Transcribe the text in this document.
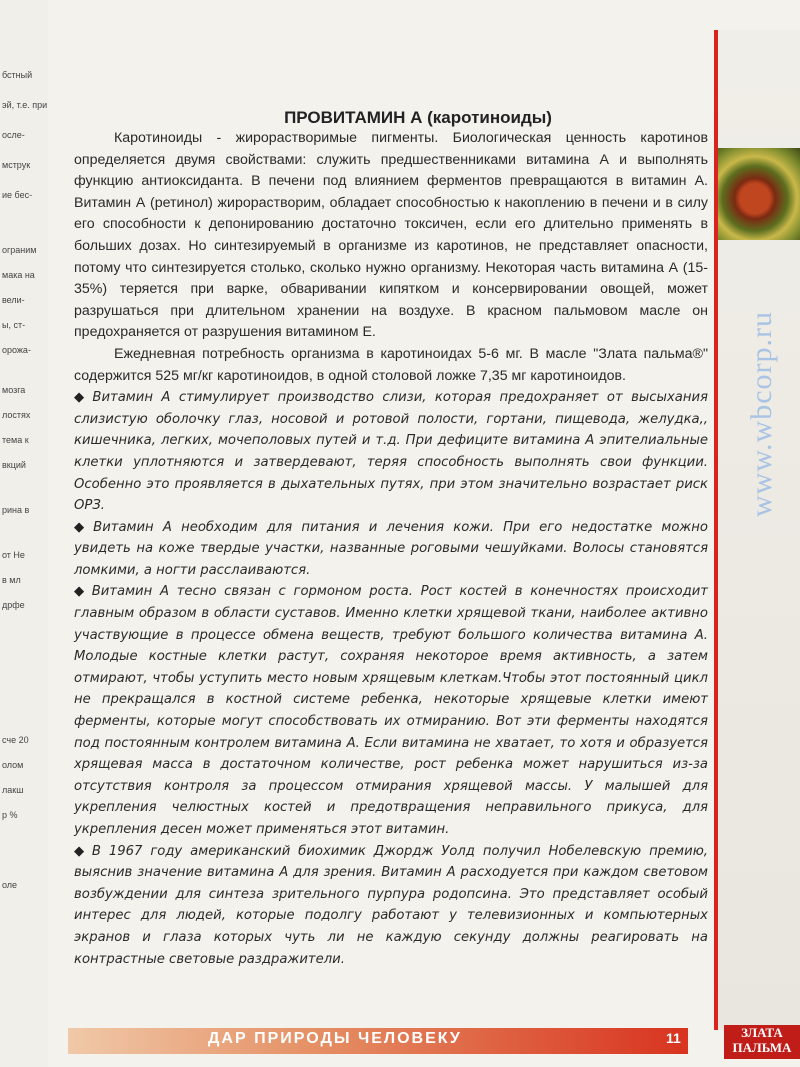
бстный
эй, т.е. при
осле-
мструк
ие бес-
ограним
мака на
вели-
ы, ст-
орожа-
мозга
лостях
тема к
вкций
рина в
от Не
в мл
дрфе
сче 20
олом
лакш
р %
оле
www.wbcorp.ru
ПРОВИТАМИН А (каротиноиды)

Каротиноиды - жирорастворимые пигменты. Биологическая ценность каротинов определяется двумя свойствами: служить предшественниками витамина А и выполнять функцию антиоксиданта. В печени под влиянием ферментов превращаются в витамин А. Витамин А (ретинол) жирорастворим, обладает способностью к накоплению в печени и в силу его способности к депонированию достаточно токсичен, если его длительно применять в больших дозах. Но синтезируемый в организме из каротинов, не представляет опасности, потому что синтезируется столько, сколько нужно организму. Некоторая часть витамина А (15-35%) теряется при варке, обваривании кипятком и консервировании овощей, может разрушаться при длительном хранении на воздухе. В красном пальмовом масле он предохраняется от разрушения витамином Е.

Ежедневная потребность организма в каротиноидах 5-6 мг. В масле "Злата пальма®" содержится 525 мг/кг каротиноидов, в одной столовой ложке 7,35 мг каротиноидов.

◆ Витамин А стимулирует производство слизи, которая предохраняет от высыхания слизистую оболочку глаз, носовой и ротовой полости, гортани, пищевода, желудка,, кишечника, легких, мочеполовых путей и т.д. При дефиците витамина А эпителиальные клетки уплотняются и затвердевают, теряя способность выполнять свои функции. Особенно это проявляется в дыхательных путях, при этом значительно возрастает риск ОРЗ.

◆ Витамин А необходим для питания и лечения кожи. При его недостатке можно увидеть на коже твердые участки, названные роговыми чешуйками. Волосы становятся ломкими, а ногти расслаиваются.

◆ Витамин А тесно связан с гормоном роста. Рост костей в конечностях происходит главным образом в области суставов. Именно клетки хрящевой ткани, наиболее активно участвующие в процессе обмена веществ, требуют большого количества витамина А. Молодые костные клетки растут, сохраняя некоторое время активность, а затем отмирают, чтобы уступить место новым хрящевым клеткам.Чтобы этот постоянный цикл не прекращался в костной системе ребенка, некоторые хрящевые клетки имеют ферменты, которые могут способствовать их отмиранию. Вот эти ферменты находятся под постоянным контролем витамина А. Если витамина не хватает, то хотя и образуется хрящевая масса в достаточном количестве, рост ребенка может нарушиться из-за отсутствия контроля за процессом отмирания хрящевой массы. У малышей для укрепления челюстных костей и предотвращения неправильного прикуса, для укрепления десен может применяться этот витамин.

◆ В 1967 году американский биохимик Джордж Уолд получил Нобелевскую премию, выяснив значение витамина А для зрения. Витамин А расходуется при каждом световом возбуждении для синтеза зрительного пурпура родопсина. Это представляет особый интерес для людей, которые подолгу работают у телевизионных и компьютерных экранов и глаза которых чуть ли не каждую секунду должны реагировать на контрастные световые раздражители.

ДАР ПРИРОДЫ ЧЕЛОВЕКУ	11	ЗЛАТА
ПАЛЬМА
